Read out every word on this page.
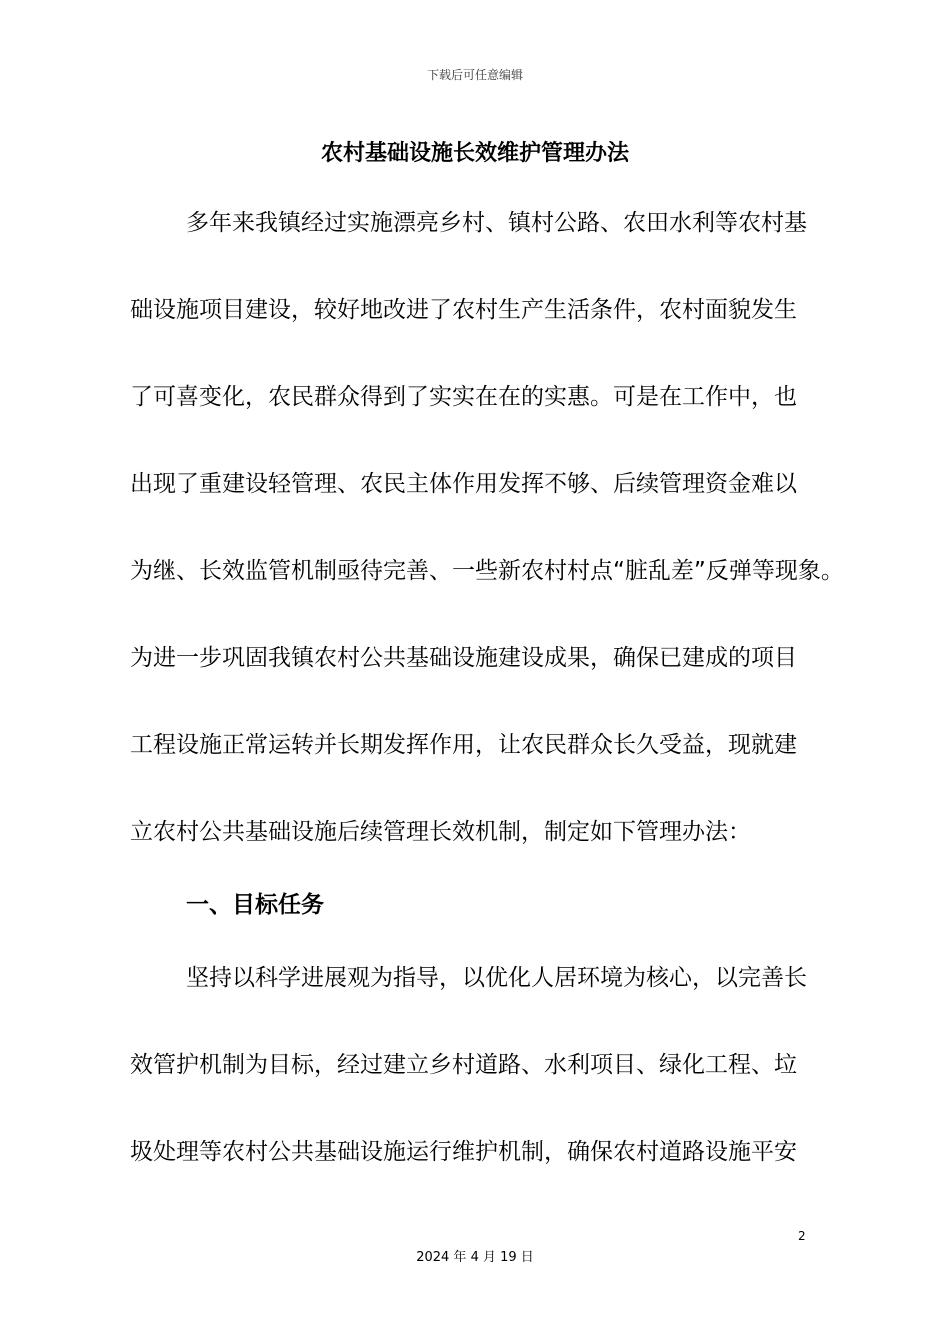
下载后可任意编辑
农村基础设施长效维护管理办法
多年来我镇经过实施漂亮乡村、镇村公路、农田水利等农村基
础设施项目建设，较好地改进了农村生产生活条件，农村面貌发生
了可喜变化，农民群众得到了实实在在的实惠。可是在工作中，也
出现了重建设轻管理、农民主体作用发挥不够、后续管理资金难以
为继、长效监管机制亟待完善、一些新农村村点“脏乱差”反弹等现象。
为进一步巩固我镇农村公共基础设施建设成果，确保已建成的项目
工程设施正常运转并长期发挥作用，让农民群众长久受益，现就建
立农村公共基础设施后续管理长效机制，制定如下管理办法：
一、目标任务
坚持以科学进展观为指导，以优化人居环境为核心，以完善长
效管护机制为目标，经过建立乡村道路、水利项目、绿化工程、垃
圾处理等农村公共基础设施运行维护机制，确保农村道路设施平安
2
2024 年 4 月 19 日
